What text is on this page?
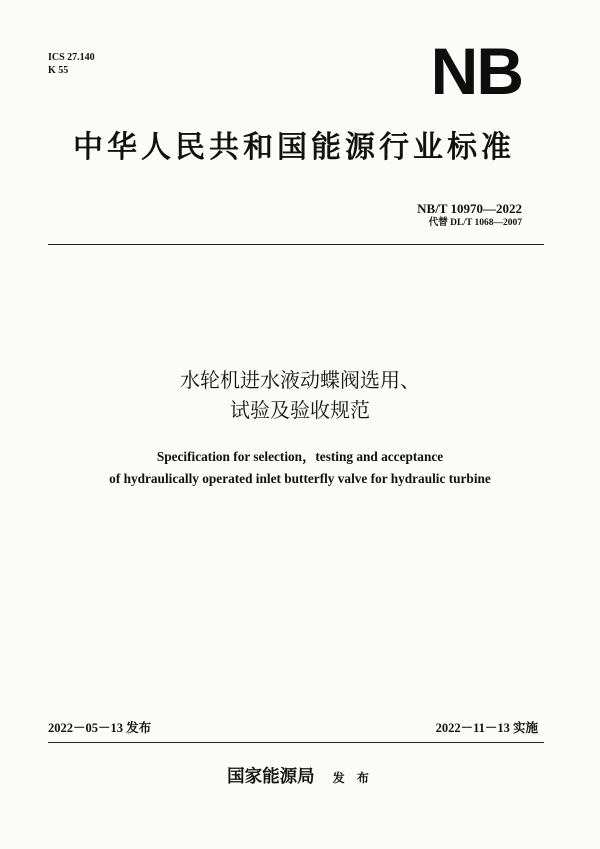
ICS 27.140
K 55	NB
中华人民共和国能源行业标准
NB/T 10970—2022
代替 DL/T 1068—2007
水轮机进水液动蝶阀选用、
试验及验收规范
Specification for selection，testing and acceptance
of hydraulically operated inlet butterfly valve for hydraulic turbine
2022－05－13 发布	2022－11－13 实施
国家能源局 发 布
